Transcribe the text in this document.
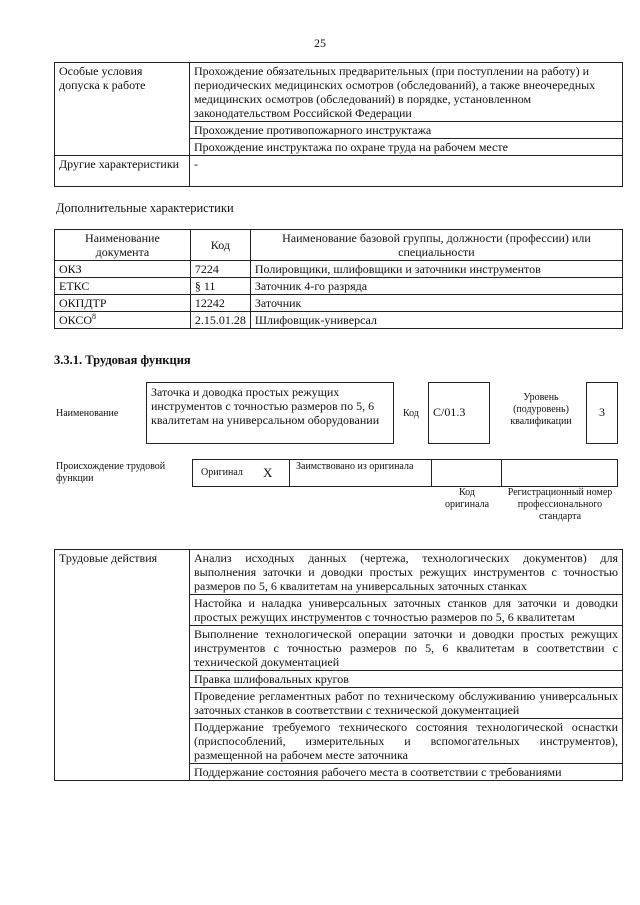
25
Особые условия допуска к работе	Прохождение обязательных предварительных (при поступлении на работу) и периодических медицинских осмотров (обследований), а также внеочередных медицинских осмотров (обследований) в порядке, установленном законодательством Российской Федерации
	Прохождение противопожарного инструктажа
	Прохождение инструктажа по охране труда на рабочем месте
Другие характеристики	-
Дополнительные характеристики
Наименование документа	Код	Наименование базовой группы, должности (профессии) или специальности
ОКЗ	7224	Полировщики, шлифовщики и заточники инструментов
ЕТКС	§ 11	Заточник 4-го разряда
ОКПДТР	12242	Заточник
ОКСО$^8$	2.15.01.28	Шлифовщик-универсал
3.3.1. Трудовая функция
Наименование
Заточка и доводка простых режущих инструментов с точностью размеров по 5, 6 квалитетам на универсальном оборудовании	Код	С/01.3
Уровень (подуровень) квалификации
3
Происхождение трудовой функции
Оригинал Х	Заимствовано из оригинала
Код оригинала
Регистрационный номер профессионального стандарта
Трудовые действия	Анализ исходных данных (чертежа, технологических документов) для выполнения заточки и доводки простых режущих инструментов с точностью размеров по 5, 6 квалитетам на универсальных заточных станках
Настойка и наладка универсальных заточных станков для заточки и доводки простых режущих инструментов с точностью размеров по 5, 6 квалитетам
Выполнение технологической операции заточки и доводки простых режущих инструментов с точностью размеров по 5, 6 квалитетам в соответствии с технической документацией
Правка шлифовальных кругов
Проведение регламентных работ по техническому обслуживанию универсальных заточных станков в соответствии с технической документацией
Поддержание требуемого технического состояния технологической оснастки (приспособлений, измерительных и вспомогательных инструментов), размещенной на рабочем месте заточника
Поддержание состояния рабочего места в соответствии с требованиями
